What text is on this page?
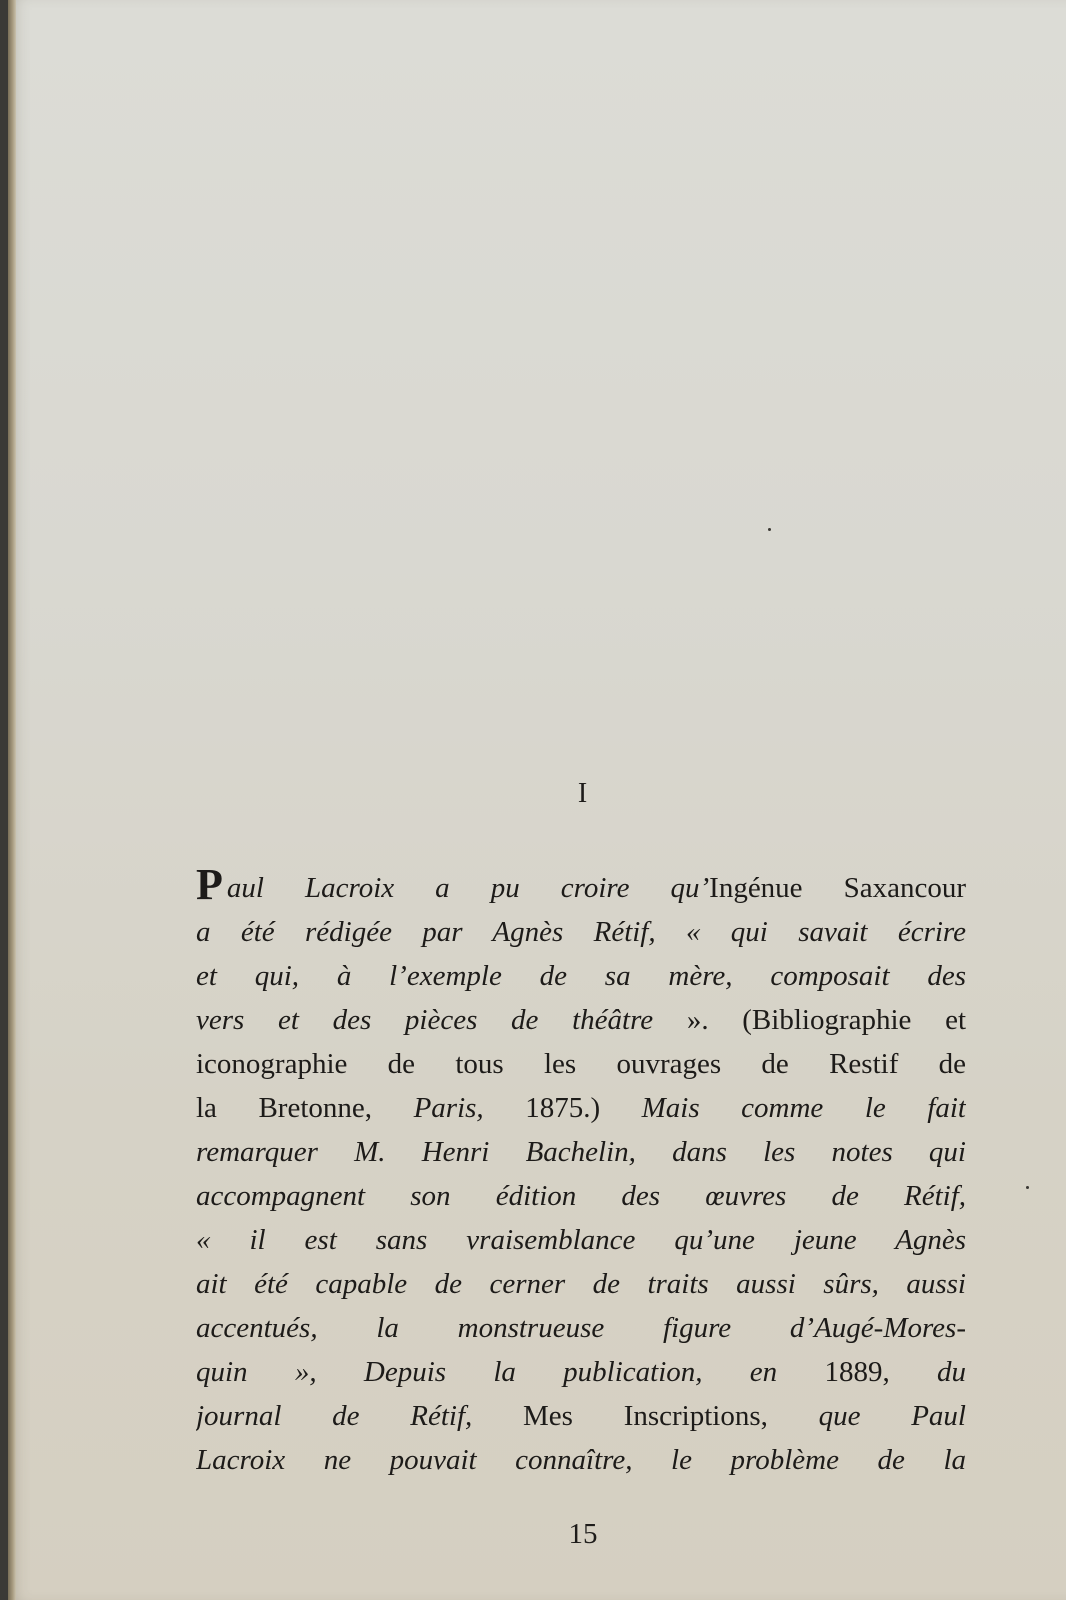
I
Paul Lacroix a pu croire qu’Ingénue Saxancour
a été rédigée par Agnès Rétif, « qui savait écrire
et qui, à l’exemple de sa mère, composait des
vers et des pièces de théâtre ». (Bibliographie et
iconographie de tous les ouvrages de Restif de
la Bretonne, Paris, 1875.) Mais comme le fait
remarquer M. Henri Bachelin, dans les notes qui
accompagnent son édition des œuvres de Rétif,
« il est sans vraisemblance qu’une jeune Agnès
ait été capable de cerner de traits aussi sûrs, aussi
accentués, la monstrueuse figure d’Augé-Mores-
quin », Depuis la publication, en 1889, du
journal de Rétif, Mes Inscriptions, que Paul
Lacroix ne pouvait connaître, le problème de la
15
